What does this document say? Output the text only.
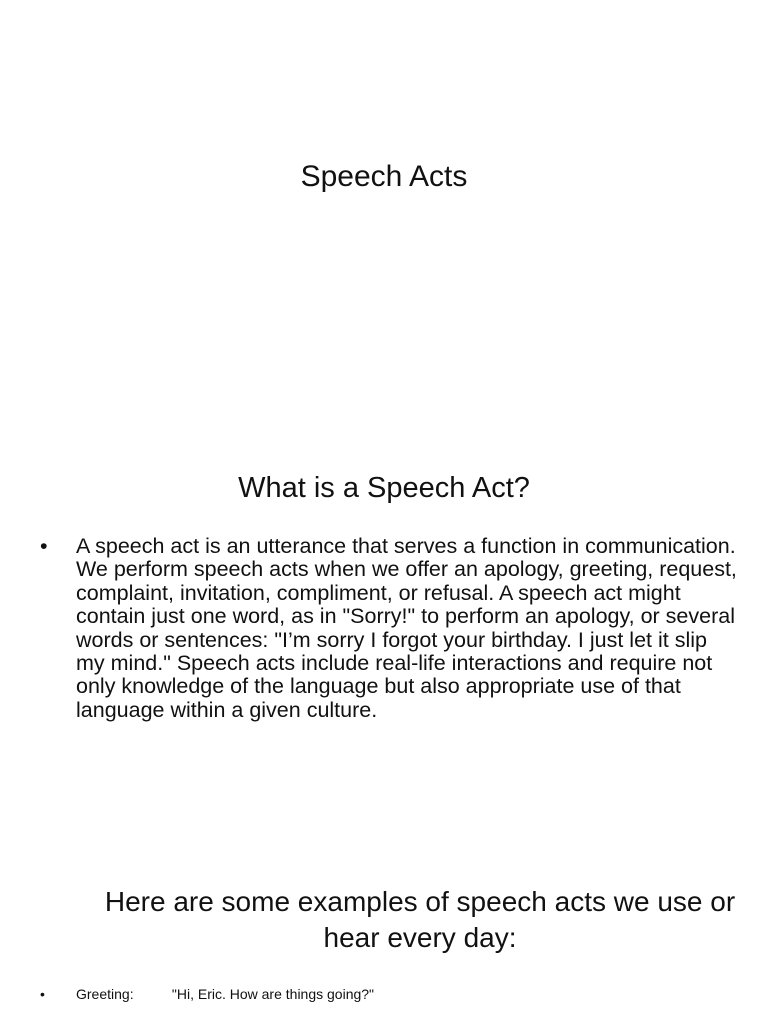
Speech Acts
What is a Speech Act?
• A speech act is an utterance that serves a function in communication. We perform speech acts when we offer an apology, greeting, request, complaint, invitation, compliment, or refusal. A speech act might contain just one word, as in "Sorry!" to perform an apology, or several words or sentences: "I’m sorry I forgot your birthday. I just let it slip my mind." Speech acts include real-life interactions and require not only knowledge of the language but also appropriate use of that language within a given culture.
Here are some examples of speech acts we use or hear every day:
• Greeting:	"Hi, Eric. How are things going?"
